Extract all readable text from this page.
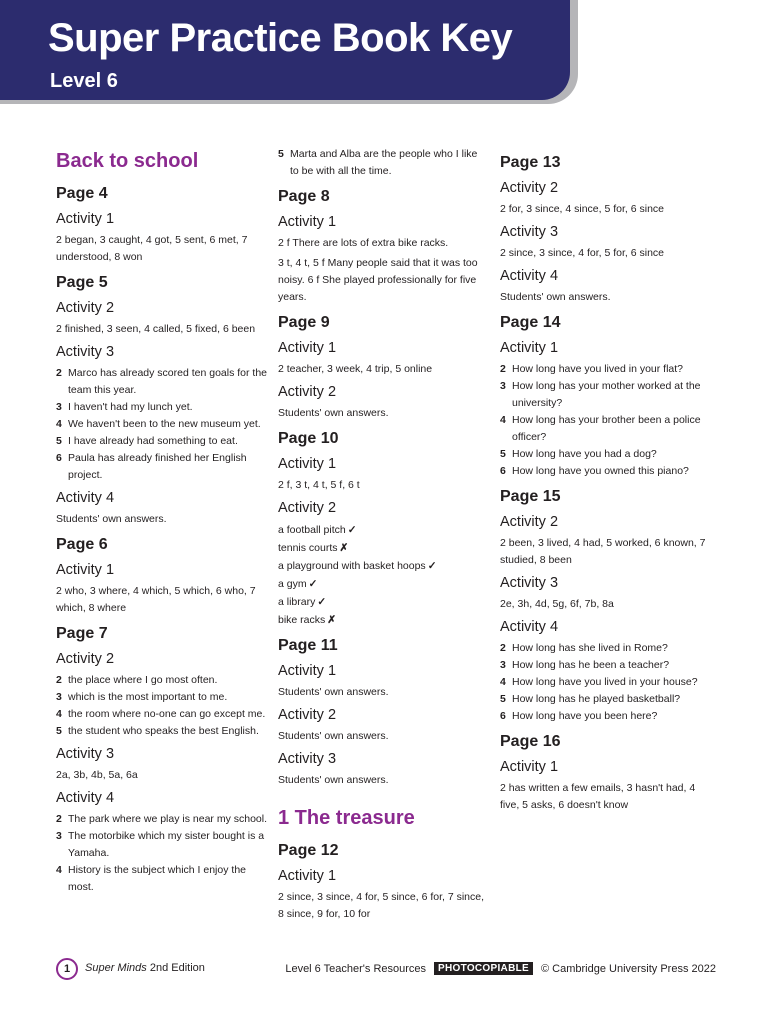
Super Practice Book Key
Level 6
Back to school
Page 4
Activity 1
2 began, 3 caught, 4 got, 5 sent, 6 met, 7 understood, 8 won
Page 5
Activity 2
2 finished, 3 seen, 4 called, 5 fixed, 6 been
Activity 3
2 Marco has already scored ten goals for the team this year.
3 I haven't had my lunch yet.
4 We haven't been to the new museum yet.
5 I have already had something to eat.
6 Paula has already finished her English project.
Activity 4
Students' own answers.
Page 6
Activity 1
2 who, 3 where, 4 which, 5 which, 6 who, 7 which, 8 where
Page 7
Activity 2
2 the place where I go most often.
3 which is the most important to me.
4 the room where no-one can go except me.
5 the student who speaks the best English.
Activity 3
2a, 3b, 4b, 5a, 6a
Activity 4
2 The park where we play is near my school.
3 The motorbike which my sister bought is a Yamaha.
4 History is the subject which I enjoy the most.
5 Marta and Alba are the people who I like to be with all the time.
Page 8
Activity 1
2 f There are lots of extra bike racks.
3 t, 4 t, 5 f Many people said that it was too noisy. 6 f She played professionally for five years.
Page 9
Activity 1
2 teacher, 3 week, 4 trip, 5 online
Activity 2
Students' own answers.
Page 10
Activity 1
2 f, 3 t, 4 t, 5 f, 6 t
Activity 2
a football pitch ✓
tennis courts ✗
a playground with basket hoops ✓
a gym ✓
a library ✓
bike racks ✗
Page 11
Activity 1
Students' own answers.
Activity 2
Students' own answers.
Activity 3
Students' own answers.
1 The treasure
Page 12
Activity 1
2 since, 3 since, 4 for, 5 since, 6 for, 7 since, 8 since, 9 for, 10 for
Page 13
Activity 2
2 for, 3 since, 4 since, 5 for, 6 since
Activity 3
2 since, 3 since, 4 for, 5 for, 6 since
Activity 4
Students' own answers.
Page 14
Activity 1
2 How long have you lived in your flat?
3 How long has your mother worked at the university?
4 How long has your brother been a police officer?
5 How long have you had a dog?
6 How long have you owned this piano?
Page 15
Activity 2
2 been, 3 lived, 4 had, 5 worked, 6 known, 7 studied, 8 been
Activity 3
2e, 3h, 4d, 5g, 6f, 7b, 8a
Activity 4
2 How long has she lived in Rome?
3 How long has he been a teacher?
4 How long have you lived in your house?
5 How long has he played basketball?
6 How long have you been here?
Page 16
Activity 1
2 has written a few emails, 3 hasn't had, 4 five, 5 asks, 6 doesn't know
1	Super Minds 2nd Edition	Level 6 Teacher's Resources	PHOTOCOPIABLE	© Cambridge University Press 2022
